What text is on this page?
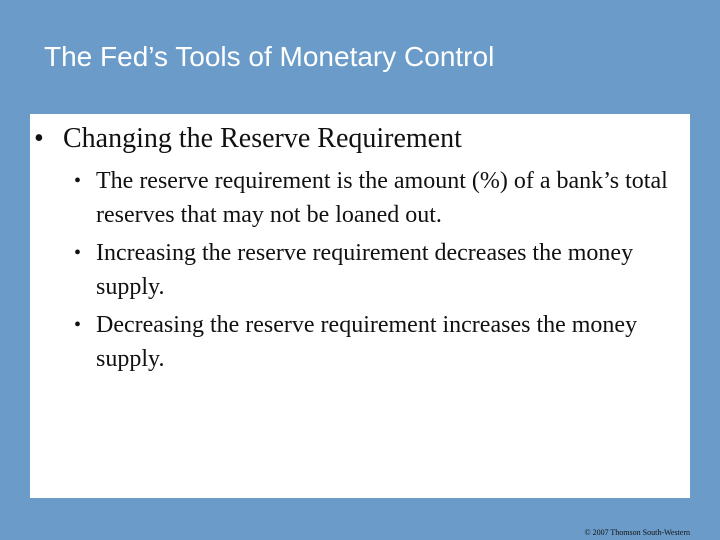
The Fed’s Tools of Monetary Control
• Changing the Reserve Requirement
• The reserve requirement is the amount (%) of a bank’s total reserves that may not be loaned out.
• Increasing the reserve requirement decreases the money supply.
• Decreasing the reserve requirement increases the money supply.
© 2007 Thomson South-Western
